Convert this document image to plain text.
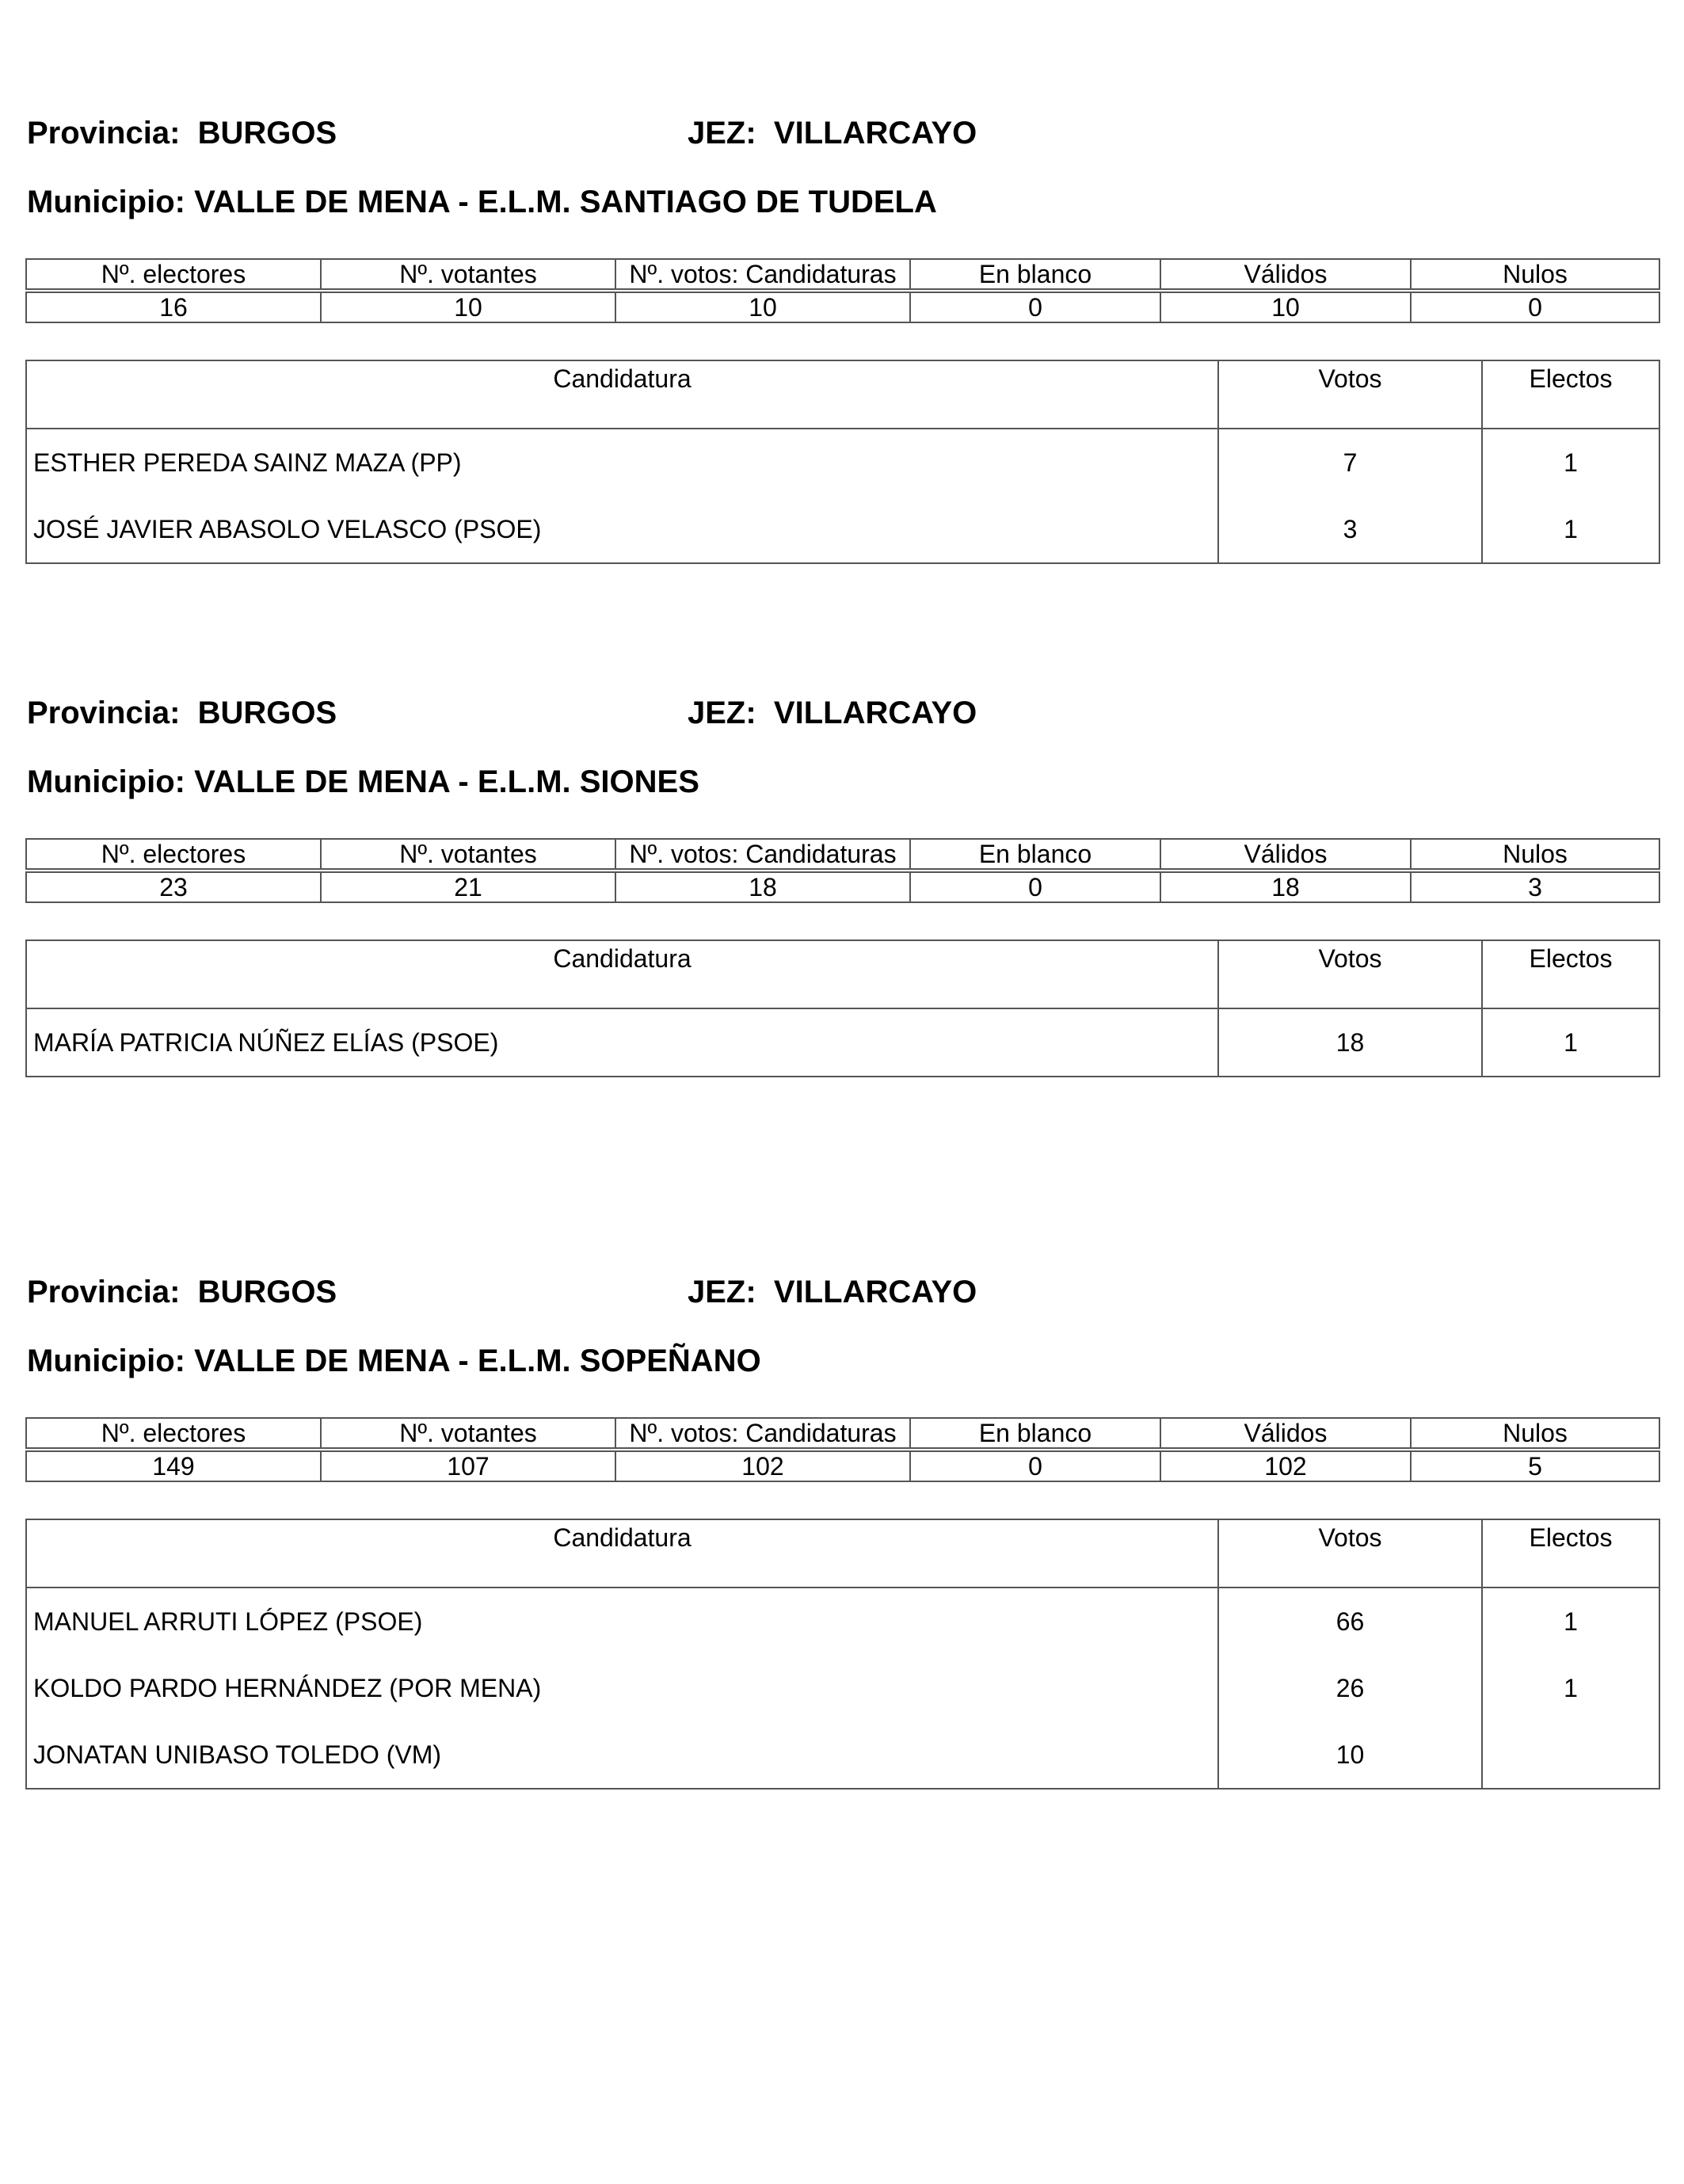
Provincia: BURGOS	JEZ: VILLARCAYO
Municipio: VALLE DE MENA - E.L.M. SANTIAGO DE TUDELA
Nº. electores	Nº. votantes	Nº. votos: Candidaturas	En blanco	Válidos	Nulos
16	10	10	0	10	0
Candidatura	Votos	Electos
ESTHER PEREDA SAINZ MAZA (PP)	7	1
JOSÉ JAVIER ABASOLO VELASCO (PSOE)	3	1
Provincia: BURGOS	JEZ: VILLARCAYO
Municipio: VALLE DE MENA - E.L.M. SIONES
Nº. electores	Nº. votantes	Nº. votos: Candidaturas	En blanco	Válidos	Nulos
23	21	18	0	18	3
Candidatura	Votos	Electos
MARÍA PATRICIA NÚÑEZ ELÍAS (PSOE)	18	1
Provincia: BURGOS	JEZ: VILLARCAYO
Municipio: VALLE DE MENA - E.L.M. SOPEÑANO
Nº. electores	Nº. votantes	Nº. votos: Candidaturas	En blanco	Válidos	Nulos
149	107	102	0	102	5
Candidatura	Votos	Electos
MANUEL ARRUTI LÓPEZ (PSOE)	66	1
KOLDO PARDO HERNÁNDEZ (POR MENA)	26	1
JONATAN UNIBASO TOLEDO (VM)	10	
